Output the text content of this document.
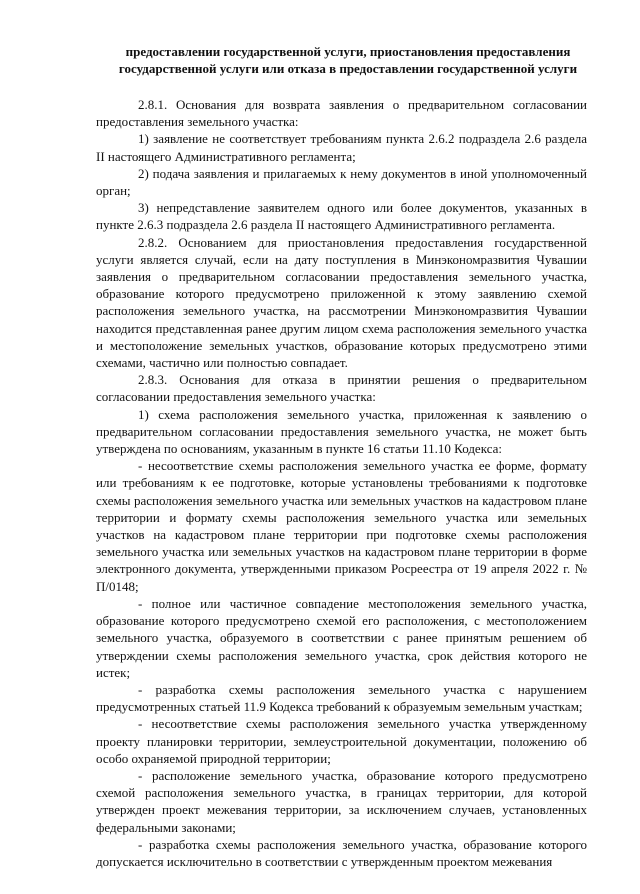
предоставлении государственной услуги, приостановления предоставления государственной услуги или отказа в предоставлении государственной услуги

2.8.1. Основания для возврата заявления о предварительном согласовании предоставления земельного участка:

1) заявление не соответствует требованиям пункта 2.6.2 подраздела 2.6 раздела II настоящего Административного регламента;

2) подача заявления и прилагаемых к нему документов в иной уполномоченный орган;

3) непредставление заявителем одного или более документов, указанных в пункте 2.6.3 подраздела 2.6 раздела II настоящего Административного регламента.

2.8.2. Основанием для приостановления предоставления государственной услуги является случай, если на дату поступления в Минэкономразвития Чувашии заявления о предварительном согласовании предоставления земельного участка, образование которого предусмотрено приложенной к этому заявлению схемой расположения земельного участка, на рассмотрении Минэкономразвития Чувашии находится представленная ранее другим лицом схема расположения земельного участка и местоположение земельных участков, образование которых предусмотрено этими схемами, частично или полностью совпадает.

2.8.3. Основания для отказа в принятии решения о предварительном согласовании предоставления земельного участка:

1) схема расположения земельного участка, приложенная к заявлению о предварительном согласовании предоставления земельного участка, не может быть утверждена по основаниям, указанным в пункте 16 статьи 11.10 Кодекса:

- несоответствие схемы расположения земельного участка ее форме, формату или требованиям к ее подготовке, которые установлены требованиями к подготовке схемы расположения земельного участка или земельных участков на кадастровом плане территории и формату схемы расположения земельного участка или земельных участков на кадастровом плане территории при подготовке схемы расположения земельного участка или земельных участков на кадастровом плане территории в форме электронного документа, утвержденными приказом Росреестра от 19 апреля 2022 г. № П/0148;

- полное или частичное совпадение местоположения земельного участка, образование которого предусмотрено схемой его расположения, с местоположением земельного участка, образуемого в соответствии с ранее принятым решением об утверждении схемы расположения земельного участка, срок действия которого не истек;

- разработка схемы расположения земельного участка с нарушением предусмотренных статьей 11.9 Кодекса требований к образуемым земельным участкам;

- несоответствие схемы расположения земельного участка утвержденному проекту планировки территории, землеустроительной документации, положению об особо охраняемой природной территории;

- расположение земельного участка, образование которого предусмотрено схемой расположения земельного участка, в границах территории, для которой утвержден проект межевания территории, за исключением случаев, установленных федеральными законами;

- разработка схемы расположения земельного участка, образование которого допускается исключительно в соответствии с утвержденным проектом межевания
